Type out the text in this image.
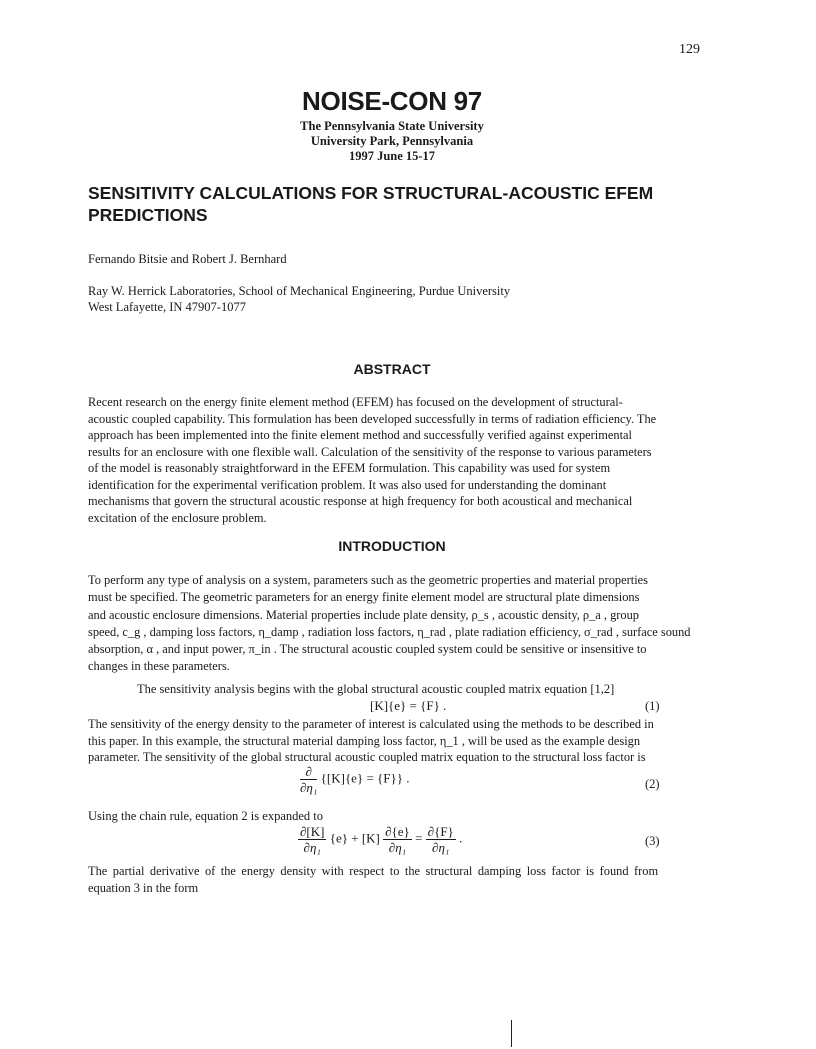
129
NOISE-CON 97
The Pennsylvania State University
University Park, Pennsylvania
1997 June 15-17
SENSITIVITY CALCULATIONS FOR STRUCTURAL-ACOUSTIC EFEM
PREDICTIONS
Fernando Bitsie and Robert J. Bernhard
Ray W. Herrick Laboratories, School of Mechanical Engineering, Purdue University
West Lafayette, IN 47907-1077
ABSTRACT
Recent research on the energy finite element method (EFEM) has focused on the development of structural-
acoustic coupled capability. This formulation has been developed successfully in terms of radiation efficiency. The
approach has been implemented into the finite element method and successfully verified against experimental
results for an enclosure with one flexible wall. Calculation of the sensitivity of the response to various parameters
of the model is reasonably straightforward in the EFEM formulation. This capability was used for system
identification for the experimental verification problem. It was also used for understanding the dominant
mechanisms that govern the structural acoustic response at high frequency for both acoustical and mechanical
excitation of the enclosure problem.
INTRODUCTION
To perform any type of analysis on a system, parameters such as the geometric properties and material properties
must be specified. The geometric parameters for an energy finite element model are structural plate dimensions
and acoustic enclosure dimensions. Material properties include plate density, ρ_s , acoustic density, ρ_a , group
speed, c_g , damping loss factors, η_damp , radiation loss factors, η_rad , plate radiation efficiency, σ_rad , surface sound
absorption, α , and input power, π_in . The structural acoustic coupled system could be sensitive or insensitive to
changes in these parameters.
The sensitivity analysis begins with the global structural acoustic coupled matrix equation [1,2]
[K]{e} = {F} .	(1)
The sensitivity of the energy density to the parameter of interest is calculated using the methods to be described in
this paper. In this example, the structural material damping loss factor, η_1 , will be used as the example design
parameter. The sensitivity of the global structural acoustic coupled matrix equation to the structural loss factor is
$\frac{\partial}{\text{∂η₁}} \{[K]\{e\} = \{F\}\}$ .	(2)
Using the chain rule, equation 2 is expanded to
$\frac{\partial[K]}{\text{∂η₁}} \{e\} + [K] \frac{\partial\{e\}}{\text{∂η₁}} = \frac{\partial\{F\}}{\text{∂η₁}}$ .	(3)
The partial derivative of the energy density with respect to the structural damping loss factor is found from
equation 3 in the form
